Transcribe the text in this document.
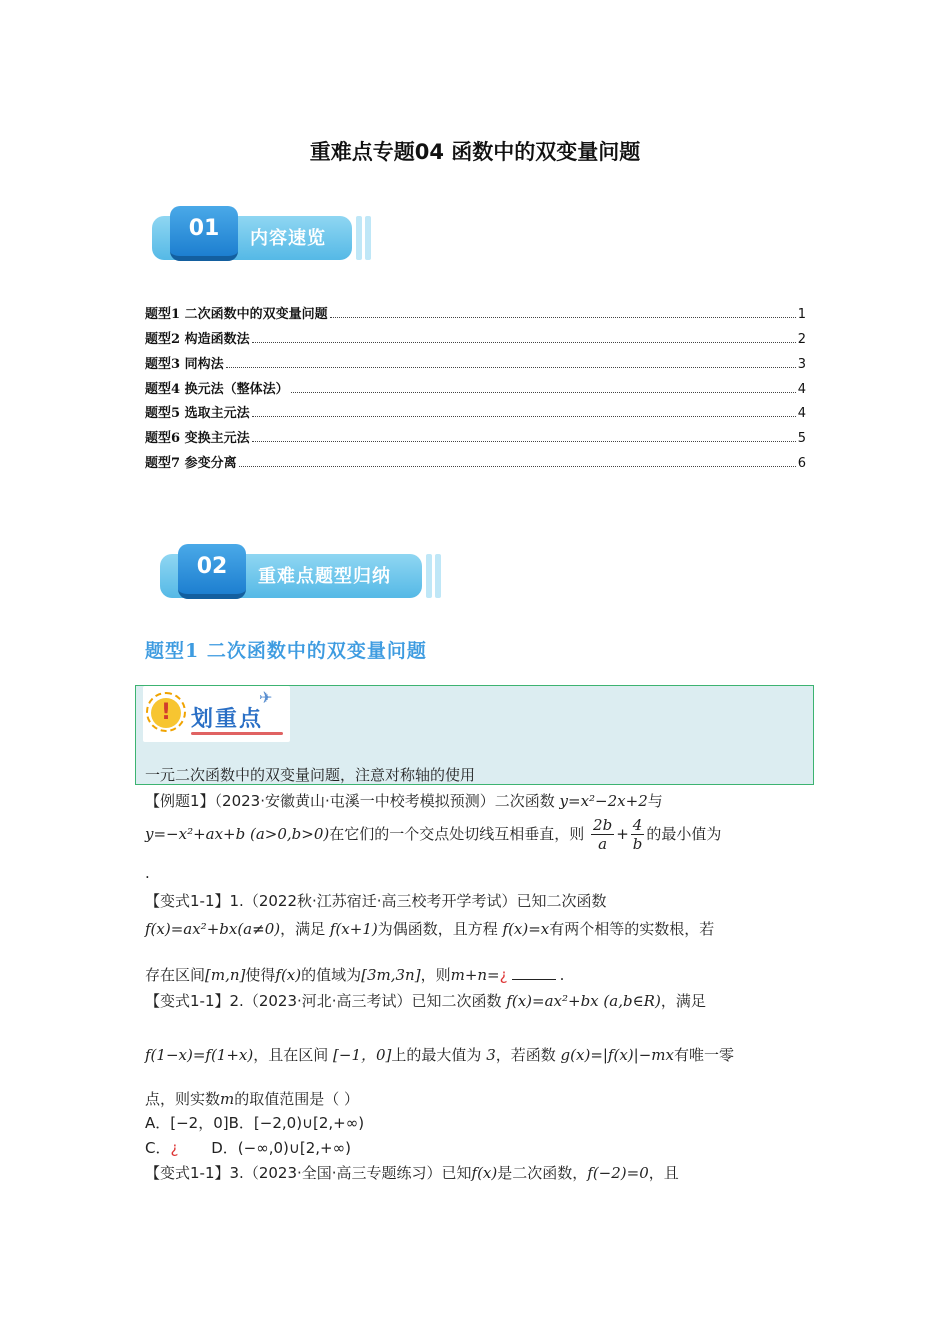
重难点专题04 函数中的双变量问题
01	内容速览
题型1 二次函数中的双变量问题	1
题型2 构造函数法	2
题型3 同构法	3
题型4 换元法（整体法）	4
题型5 选取主元法	4
题型6 变换主元法	5
题型7 参变分离	6
02	重难点题型归纳
题型1 二次函数中的双变量问题
! 划重点
✈
一元二次函数中的双变量问题，注意对称轴的使用
【例题1】（2023·安徽黄山·屯溪一中校考模拟预测）二次函数 y=x²−2x+2与
y=−x²+ax+b (a>0,b>0)在它们的一个交点处切线互相垂直，则 $\frac{2b}{a} + \frac{4}{b}$ 的最小值为
.
【变式1-1】1.（2022秋·江苏宿迁·高三校考开学考试）已知二次函数
f(x)=ax²+bx(a≠0)，满足 f(x+1)为偶函数，且方程 f(x)=x有两个相等的实数根，若
存在区间[m,n]使得f(x)的值域为[3m,3n]，则m+n=¿	.
【变式1-1】2.（2023·河北·高三考试）已知二次函数 f(x)=ax²+bx (a,b∈R)，满足
f(1−x)=f(1+x)，且在区间 [−1，0]上的最大值为 3，若函数 g(x)=|f(x)|−mx有唯一零
点，则实数m的取值范围是（ ）
A．[−2，0]B．[−2,0)∪[2,+∞)
C．¿ D．(−∞,0)∪[2,+∞)
【变式1-1】3.（2023·全国·高三专题练习）已知f(x)是二次函数，f(−2)=0，且
